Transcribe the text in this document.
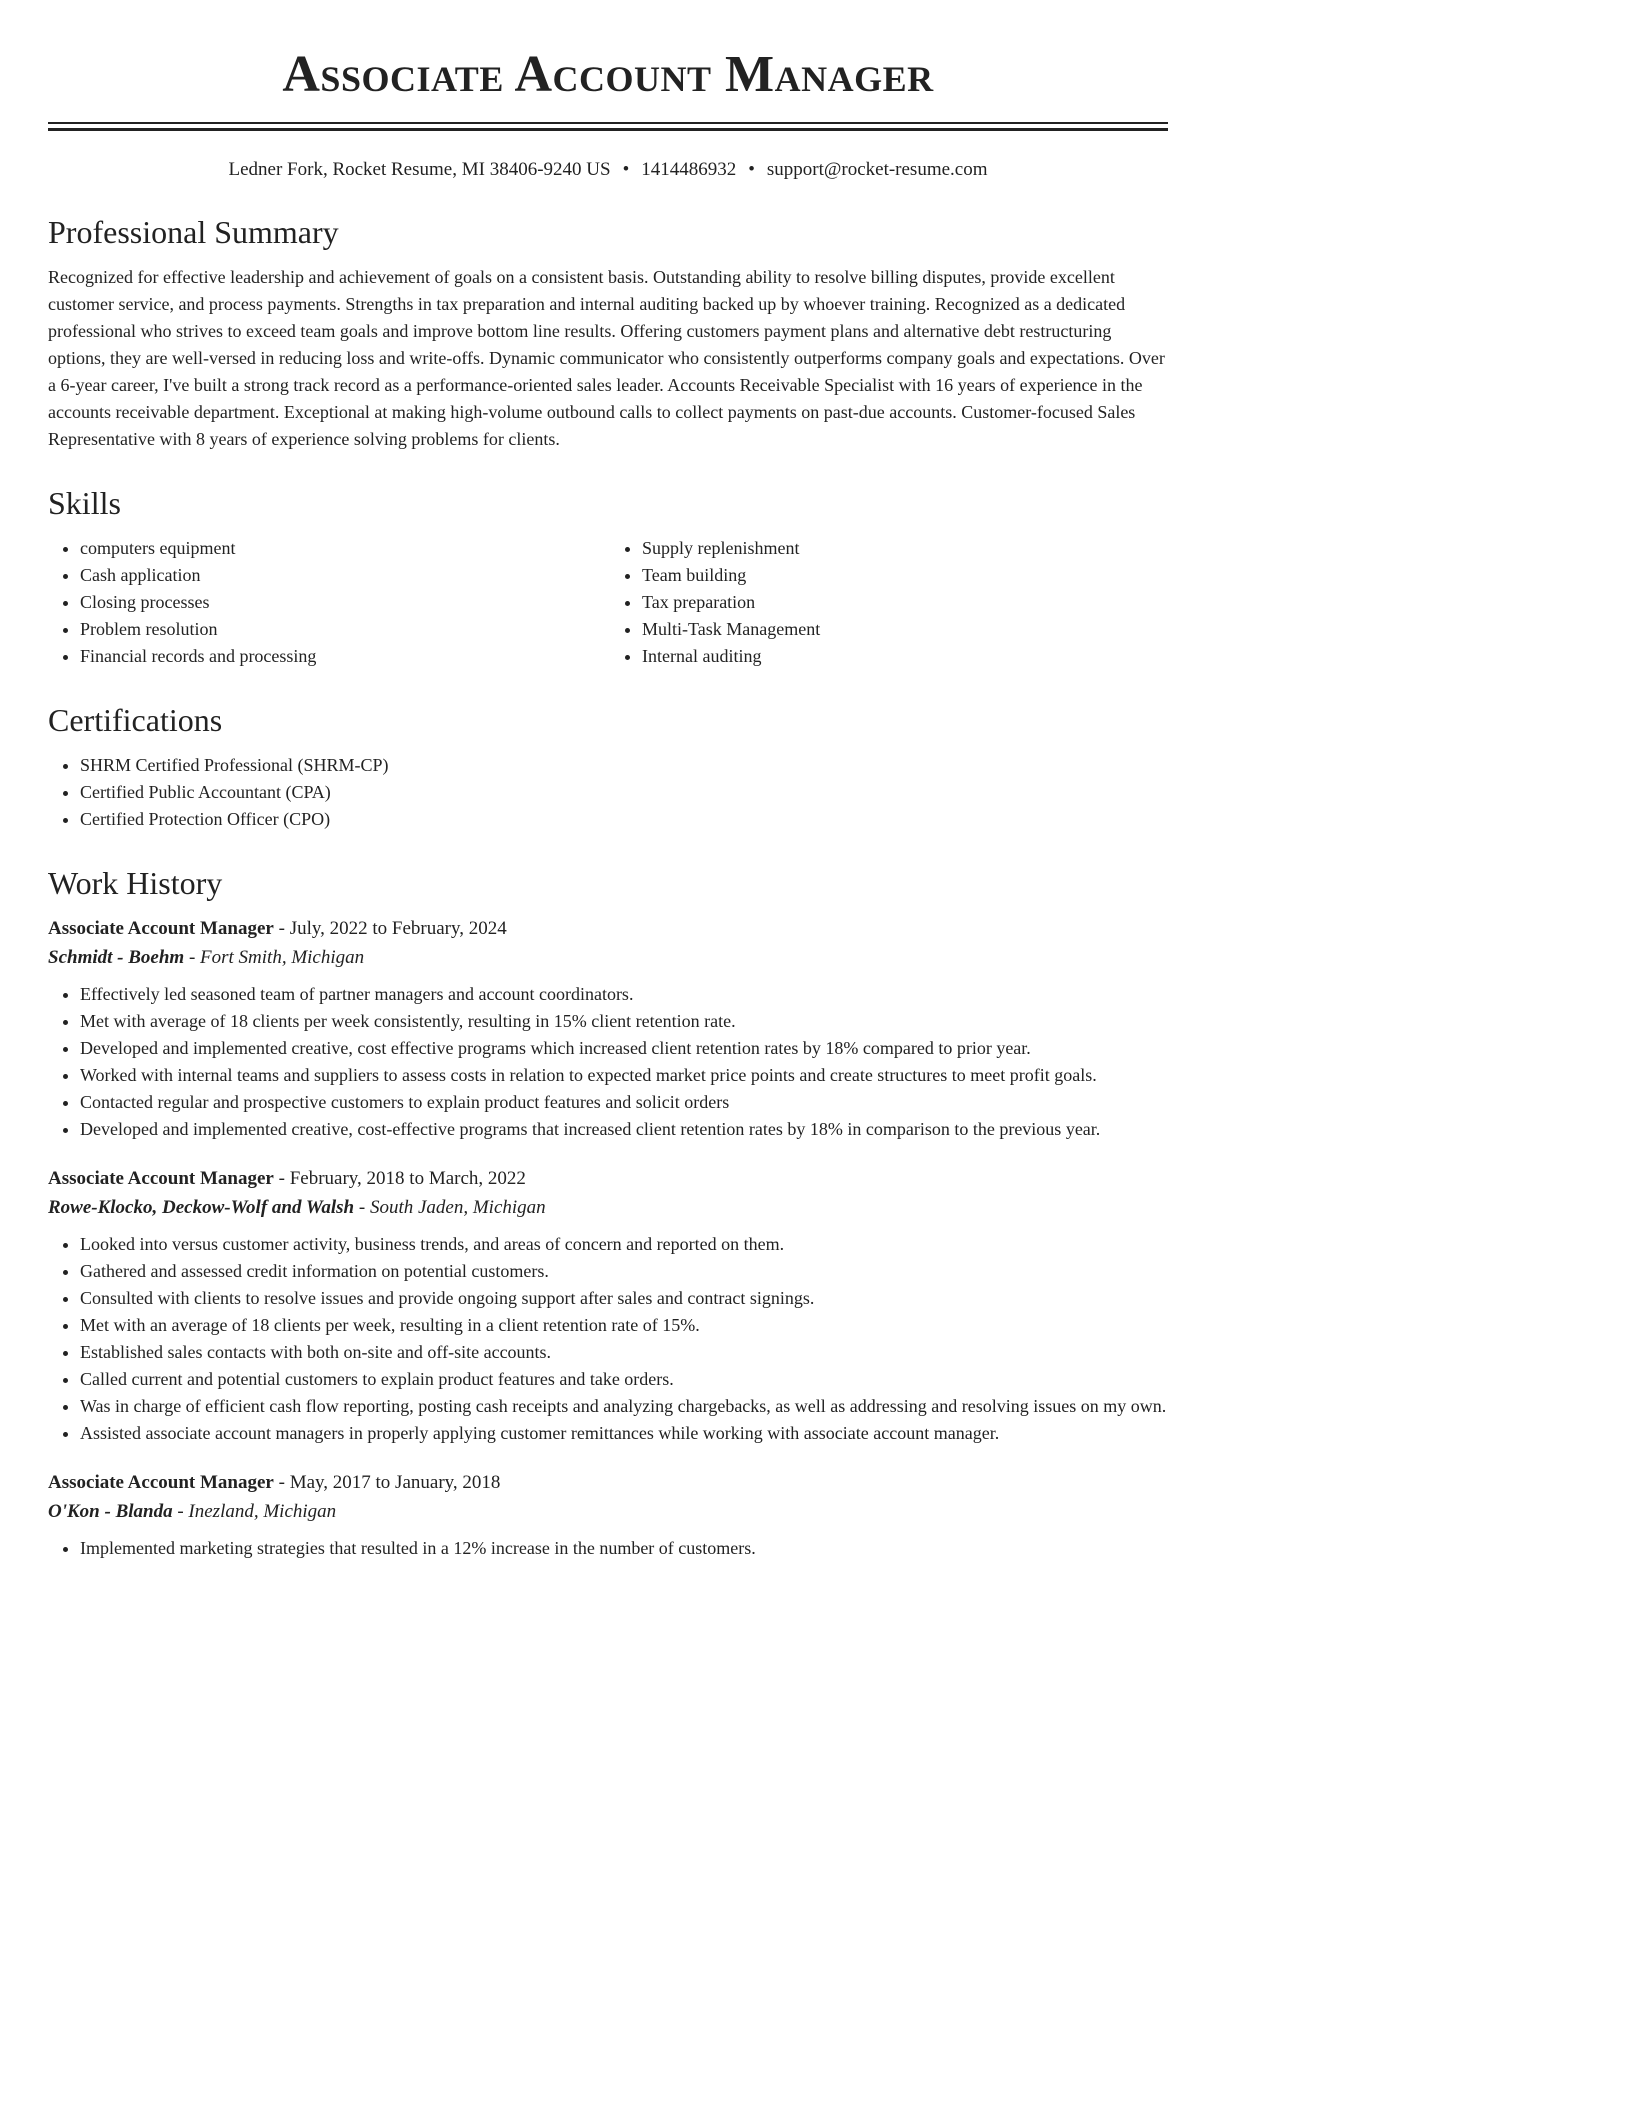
Associate Account Manager
Ledner Fork, Rocket Resume, MI 38406-9240 US • 1414486932 • support@rocket-resume.com
Professional Summary

Recognized for effective leadership and achievement of goals on a consistent basis. Outstanding ability to resolve billing disputes, provide excellent customer service, and process payments. Strengths in tax preparation and internal auditing backed up by whoever training. Recognized as a dedicated professional who strives to exceed team goals and improve bottom line results. Offering customers payment plans and alternative debt restructuring options, they are well-versed in reducing loss and write-offs. Dynamic communicator who consistently outperforms company goals and expectations. Over a 6-year career, I've built a strong track record as a performance-oriented sales leader. Accounts Receivable Specialist with 16 years of experience in the accounts receivable department. Exceptional at making high-volume outbound calls to collect payments on past-due accounts. Customer-focused Sales Representative with 8 years of experience solving problems for clients.

Skills
• computers equipment
• Cash application
• Closing processes
• Problem resolution
• Financial records and processing
• Supply replenishment
• Team building
• Tax preparation
• Multi-Task Management
• Internal auditing
Certifications
• SHRM Certified Professional (SHRM-CP)
• Certified Public Accountant (CPA)
• Certified Protection Officer (CPO)
Work History

Associate Account Manager - July, 2022 to February, 2024

Schmidt - Boehm - Fort Smith, Michigan

• Effectively led seasoned team of partner managers and account coordinators.
• Met with average of 18 clients per week consistently, resulting in 15% client retention rate.
• Developed and implemented creative, cost effective programs which increased client retention rates by 18% compared to prior year.
• Worked with internal teams and suppliers to assess costs in relation to expected market price points and create structures to meet profit goals.
• Contacted regular and prospective customers to explain product features and solicit orders
• Developed and implemented creative, cost-effective programs that increased client retention rates by 18% in comparison to the previous year.

Associate Account Manager - February, 2018 to March, 2022

Rowe-Klocko, Deckow-Wolf and Walsh - South Jaden, Michigan

• Looked into versus customer activity, business trends, and areas of concern and reported on them.
• Gathered and assessed credit information on potential customers.
• Consulted with clients to resolve issues and provide ongoing support after sales and contract signings.
• Met with an average of 18 clients per week, resulting in a client retention rate of 15%.
• Established sales contacts with both on-site and off-site accounts.
• Called current and potential customers to explain product features and take orders.
• Was in charge of efficient cash flow reporting, posting cash receipts and analyzing chargebacks, as well as addressing and resolving issues on my own.
• Assisted associate account managers in properly applying customer remittances while working with associate account manager.

Associate Account Manager - May, 2017 to January, 2018

O'Kon - Blanda - Inezland, Michigan

• Implemented marketing strategies that resulted in a 12% increase in the number of customers.
